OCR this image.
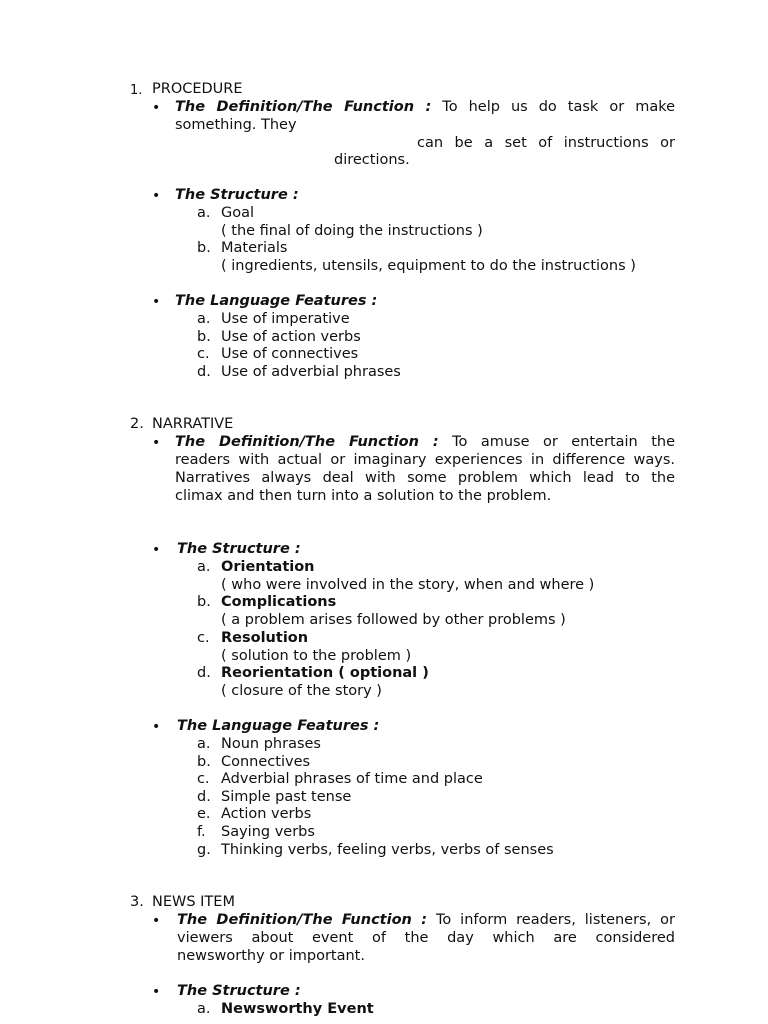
1. PROCEDURE
• The Definition/The Function : To help us do task or make
something. They
can be a set of instructions or
directions.
• The Structure :
a. Goal
( the final of doing the instructions )
b. Materials
( ingredients, utensils, equipment to do the instructions )
• The Language Features :
a. Use of imperative
b. Use of action verbs
c. Use of connectives
d. Use of adverbial phrases
2. NARRATIVE
• The Definition/The Function : To amuse or entertain the
readers with actual or imaginary experiences in difference ways.
Narratives always deal with some problem which lead to the
climax and then turn into a solution to the problem.
• The Structure :
a. Orientation
( who were involved in the story, when and where )
b. Complications
( a problem arises followed by other problems )
c. Resolution
( solution to the problem )
d. Reorientation ( optional )
( closure of the story )
• The Language Features :
a. Noun phrases
b. Connectives
c. Adverbial phrases of time and place
d. Simple past tense
e. Action verbs
f. Saying verbs
g. Thinking verbs, feeling verbs, verbs of senses
3. NEWS ITEM
• The Definition/The Function : To inform readers, listeners, or
viewers about event of the day which are considered
newsworthy or important.
• The Structure :
a. Newsworthy Event
